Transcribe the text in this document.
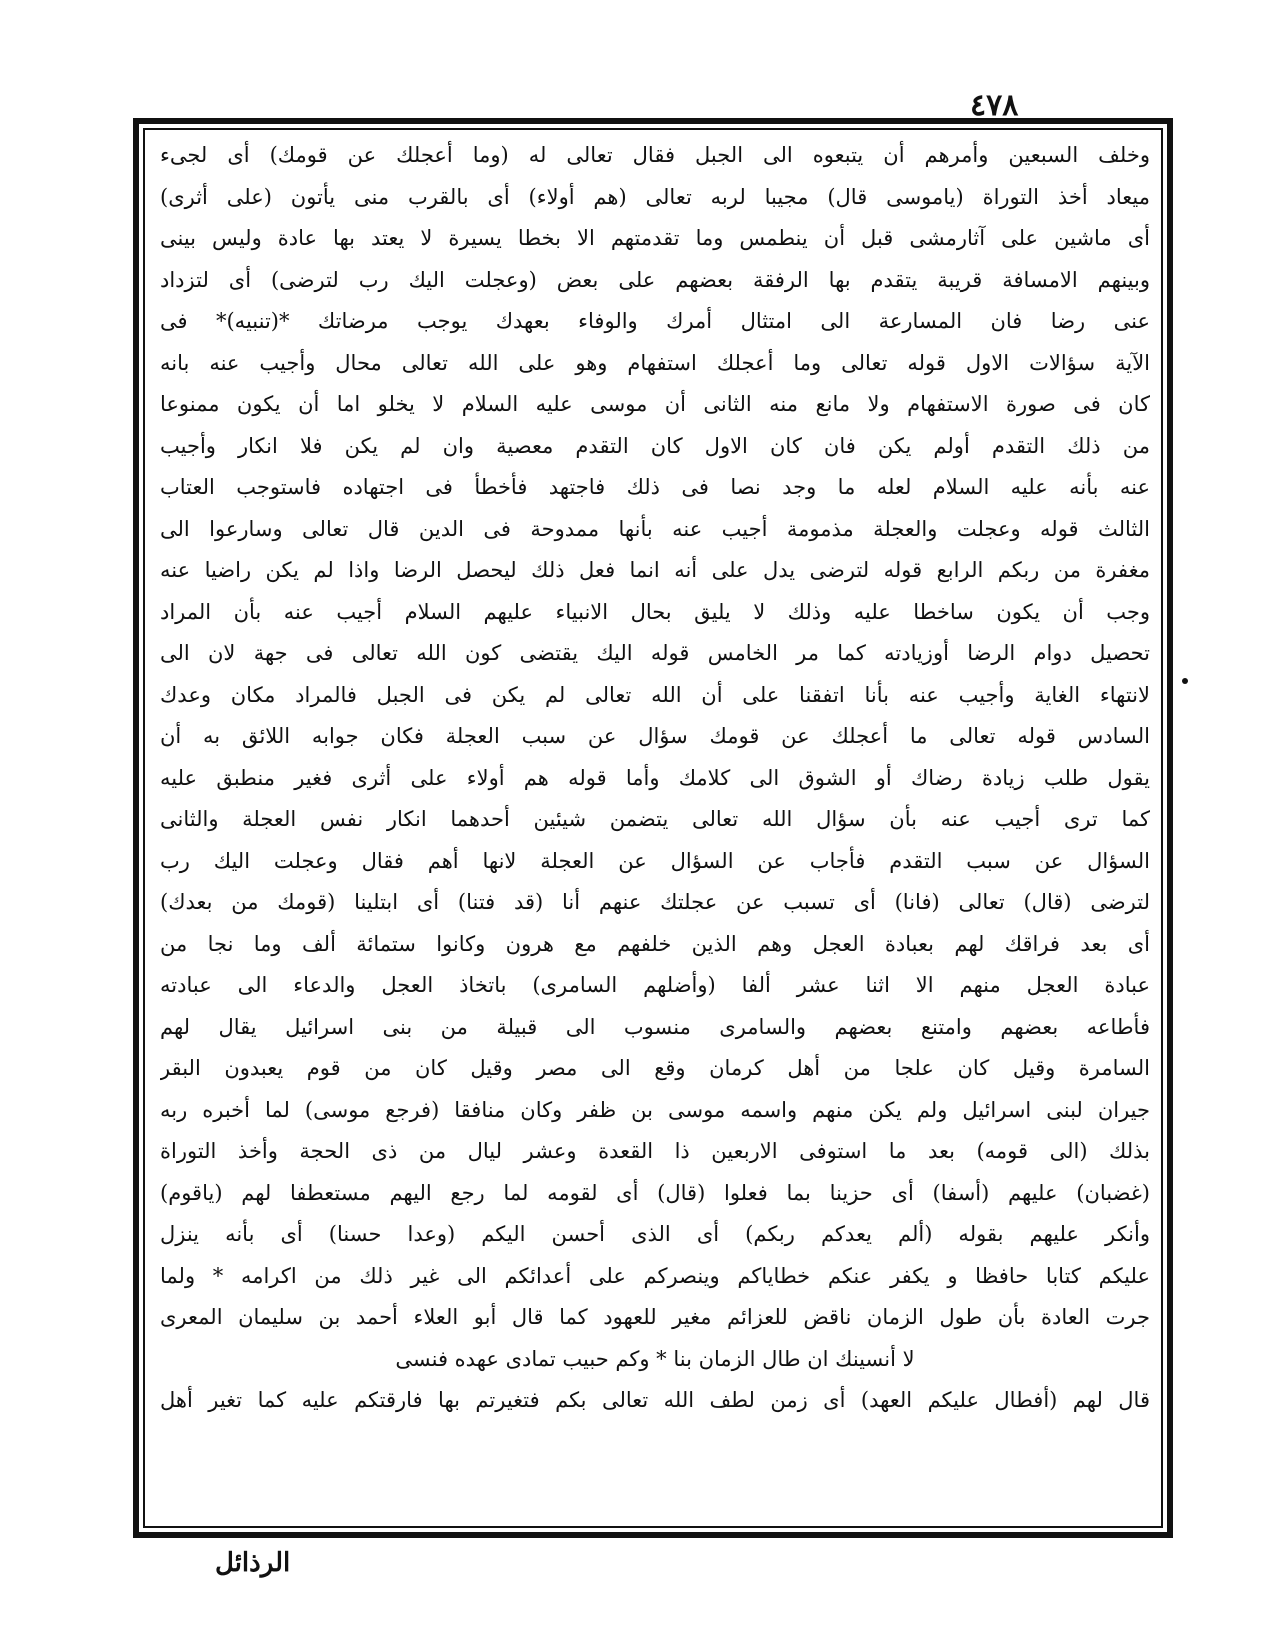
٤٧٨
وخلف السبعين وأمرهم أن يتبعوه الى الجبل فقال تعالى له (وما أعجلك عن قومك) أى لجىء
ميعاد أخذ التوراة (ياموسى قال) مجيبا لربه تعالى (هم أولاء) أى بالقرب منى يأتون (على أثرى)
أى ماشين على آثارمشى قبل أن ينطمس وما تقدمتهم الا بخطا يسيرة لا يعتد بها عادة وليس بينى
وبينهم الامسافة قريبة يتقدم بها الرفقة بعضهم على بعض (وعجلت اليك رب لترضى) أى لتزداد
عنى رضا فان المسارعة الى امتثال أمرك والوفاء بعهدك يوجب مرضاتك *(تنبيه)* فى
الآية سؤالات الاول قوله تعالى وما أعجلك استفهام وهو على الله تعالى محال وأجيب عنه بانه
كان فى صورة الاستفهام ولا مانع منه الثانى أن موسى عليه السلام لا يخلو اما أن يكون ممنوعا
من ذلك التقدم أولم يكن فان كان الاول كان التقدم معصية وان لم يكن فلا انكار وأجيب
عنه بأنه عليه السلام لعله ما وجد نصا فى ذلك فاجتهد فأخطأ فى اجتهاده فاستوجب العتاب
الثالث قوله وعجلت والعجلة مذمومة أجيب عنه بأنها ممدوحة فى الدين قال تعالى وسارعوا الى
مغفرة من ربكم الرابع قوله لترضى يدل على أنه انما فعل ذلك ليحصل الرضا واذا لم يكن راضيا عنه
وجب أن يكون ساخطا عليه وذلك لا يليق بحال الانبياء عليهم السلام أجيب عنه بأن المراد
تحصيل دوام الرضا أوزيادته كما مر الخامس قوله اليك يقتضى كون الله تعالى فى جهة لان الى
لانتهاء الغاية وأجيب عنه بأنا اتفقنا على أن الله تعالى لم يكن فى الجبل فالمراد مكان وعدك
السادس قوله تعالى ما أعجلك عن قومك سؤال عن سبب العجلة فكان جوابه اللائق به أن
يقول طلب زيادة رضاك أو الشوق الى كلامك وأما قوله هم أولاء على أثرى فغير منطبق عليه
كما ترى أجيب عنه بأن سؤال الله تعالى يتضمن شيئين أحدهما انكار نفس العجلة والثانى
السؤال عن سبب التقدم فأجاب عن السؤال عن العجلة لانها أهم فقال وعجلت اليك رب
لترضى (قال) تعالى (فانا) أى تسبب عن عجلتك عنهم أنا (قد فتنا) أى ابتلينا (قومك من بعدك)
أى بعد فراقك لهم بعبادة العجل وهم الذين خلفهم مع هرون وكانوا ستمائة ألف وما نجا من
عبادة العجل منهم الا اثنا عشر ألفا (وأضلهم السامرى) باتخاذ العجل والدعاء الى عبادته
فأطاعه بعضهم وامتنع بعضهم والسامرى منسوب الى قبيلة من بنى اسرائيل يقال لهم
السامرة وقيل كان علجا من أهل كرمان وقع الى مصر وقيل كان من قوم يعبدون البقر
جيران لبنى اسرائيل ولم يكن منهم واسمه موسى بن ظفر وكان منافقا (فرجع موسى) لما أخبره ربه
بذلك (الى قومه) بعد ما استوفى الاربعين ذا القعدة وعشر ليال من ذى الحجة وأخذ التوراة
(غضبان) عليهم (أسفا) أى حزينا بما فعلوا (قال) أى لقومه لما رجع اليهم مستعطفا لهم (ياقوم)
وأنكر عليهم بقوله (ألم يعدكم ربكم) أى الذى أحسن اليكم (وعدا حسنا) أى بأنه ينزل
عليكم كتابا حافظا و يكفر عنكم خطاياكم وينصركم على أعدائكم الى غير ذلك من اكرامه * ولما
جرت العادة بأن طول الزمان ناقض للعزائم مغير للعهود كما قال أبو العلاء أحمد بن سليمان المعرى
لا أنسينك ان طال الزمان بنا * وكم حبيب تمادى عهده فنسى
قال لهم (أفطال عليكم العهد) أى زمن لطف الله تعالى بكم فتغيرتم بها فارقتكم عليه كما تغير أهل
الرذائل
